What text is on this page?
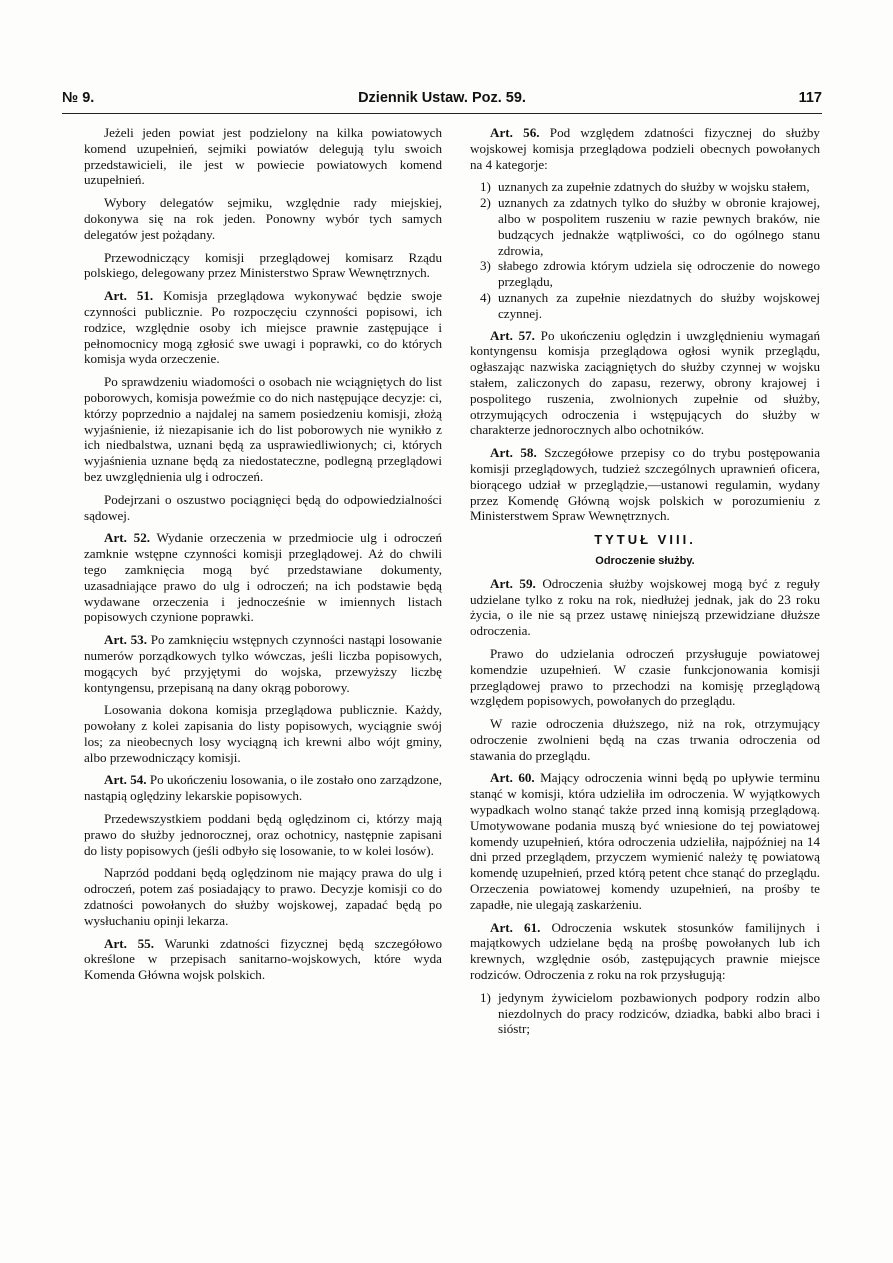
№ 9.	Dziennik Ustaw. Poz. 59.	117

Jeżeli jeden powiat jest podzielony na kilka powiatowych komend uzupełnień, sejmiki powiatów delegują tylu swoich przedstawicieli, ile jest w powiecie powiatowych komend uzupełnień.

Wybory delegatów sejmiku, względnie rady miejskiej, dokonywa się na rok jeden. Ponowny wybór tych samych delegatów jest pożądany.

Przewodniczący komisji przeglądowej komisarz Rządu polskiego, delegowany przez Ministerstwo Spraw Wewnętrznych.

Art. 51. Komisja przeglądowa wykonywać będzie swoje czynności publicznie. Po rozpoczęciu czynności popisowi, ich rodzice, względnie osoby ich miejsce prawnie zastępujące i pełnomocnicy mogą zgłosić swe uwagi i poprawki, co do których komisja wyda orzeczenie.

Po sprawdzeniu wiadomości o osobach nie wciągniętych do list poborowych, komisja poweźmie co do nich następujące decyzje: ci, którzy poprzednio a najdalej na samem posiedzeniu komisji, złożą wyjaśnienie, iż niezapisanie ich do list poborowych nie wynikło z ich niedbalstwa, uznani będą za usprawiedliwionych; ci, których wyjaśnienia uznane będą za niedostateczne, podlegną przeglądowi bez uwzględnienia ulg i odroczeń.

Podejrzani o oszustwo pociągnięci będą do odpowiedzialności sądowej.

Art. 52. Wydanie orzeczenia w przedmiocie ulg i odroczeń zamknie wstępne czynności komisji przeglądowej. Aż do chwili tego zamknięcia mogą być przedstawiane dokumenty, uzasadniające prawo do ulg i odroczeń; na ich podstawie będą wydawane orzeczenia i jednocześnie w imiennych listach popisowych czynione poprawki.

Art. 53. Po zamknięciu wstępnych czynności nastąpi losowanie numerów porządkowych tylko wówczas, jeśli liczba popisowych, mogących być przyjętymi do wojska, przewyższy liczbę kontyngensu, przepisaną na dany okrąg poborowy.

Losowania dokona komisja przeglądowa publicznie. Każdy, powołany z kolei zapisania do listy popisowych, wyciągnie swój los; za nieobecnych losy wyciągną ich krewni albo wójt gminy, albo przewodniczący komisji.

Art. 54. Po ukończeniu losowania, o ile zostało ono zarządzone, nastąpią oględziny lekarskie popisowych.

Przedewszystkiem poddani będą oględzinom ci, którzy mają prawo do służby jednorocznej, oraz ochotnicy, następnie zapisani do listy popisowych (jeśli odbyło się losowanie, to w kolei losów).

Naprzód poddani będą oględzinom nie mający prawa do ulg i odroczeń, potem zaś posiadający to prawo. Decyzje komisji co do zdatności powołanych do służby wojskowej, zapadać będą po wysłuchaniu opinji lekarza.

Art. 55. Warunki zdatności fizycznej będą szczegółowo określone w przepisach sanitarno-wojskowych, które wyda Komenda Główna wojsk polskich.

Art. 56. Pod względem zdatności fizycznej do służby wojskowej komisja przeglądowa podzieli obecnych powołanych na 4 kategorje:

1) uznanych za zupełnie zdatnych do służby w wojsku stałem,
2) uznanych za zdatnych tylko do służby w obronie krajowej, albo w pospolitem ruszeniu w razie pewnych braków, nie budzących jednakże wątpliwości, co do ogólnego stanu zdrowia,
3) słabego zdrowia którym udziela się odroczenie do nowego przeglądu,
4) uznanych za zupełnie niezdatnych do służby wojskowej czynnej.

Art. 57. Po ukończeniu oględzin i uwzględnieniu wymagań kontyngensu komisja przeglądowa ogłosi wynik przeglądu, ogłaszając nazwiska zaciągniętych do służby czynnej w wojsku stałem, zaliczonych do zapasu, rezerwy, obrony krajowej i pospolitego ruszenia, zwolnionych zupełnie od służby, otrzymujących odroczenia i wstępujących do służby w charakterze jednorocznych albo ochotników.

Art. 58. Szczegółowe przepisy co do trybu postępowania komisji przeglądowych, tudzież szczególnych uprawnień oficera, biorącego udział w przeglądzie,—ustanowi regulamin, wydany przez Komendę Główną wojsk polskich w porozumieniu z Ministerstwem Spraw Wewnętrznych.

TYTUŁ VIII.
Odroczenie służby.

Art. 59. Odroczenia służby wojskowej mogą być z reguły udzielane tylko z roku na rok, niedłużej jednak, jak do 23 roku życia, o ile nie są przez ustawę niniejszą przewidziane dłuższe odroczenia.

Prawo do udzielania odroczeń przysługuje powiatowej komendzie uzupełnień. W czasie funkcjonowania komisji przeglądowej prawo to przechodzi na komisję przeglądową względem popisowych, powołanych do przeglądu.

W razie odroczenia dłuższego, niż na rok, otrzymujący odroczenie zwolnieni będą na czas trwania odroczenia od stawania do przeglądu.

Art. 60. Mający odroczenia winni będą po upływie terminu stanąć w komisji, która udzieliła im odroczenia. W wyjątkowych wypadkach wolno stanąć także przed inną komisją przeglądową. Umotywowane podania muszą być wniesione do tej powiatowej komendy uzupełnień, która odroczenia udzieliła, najpóźniej na 14 dni przed przeglądem, przyczem wymienić należy tę powiatową komendę uzupełnień, przed którą petent chce stanąć do przeglądu. Orzeczenia powiatowej komendy uzupełnień, na prośby te zapadłe, nie ulegają zaskarżeniu.

Art. 61. Odroczenia wskutek stosunków familijnych i majątkowych udzielane będą na prośbę powołanych lub ich krewnych, względnie osób, zastępujących prawnie miejsce rodziców. Odroczenia z roku na rok przysługują:

1) jedynym żywicielom pozbawionych podpory rodzin albo niezdolnych do pracy rodziców, dziadka, babki albo braci i sióstr;
